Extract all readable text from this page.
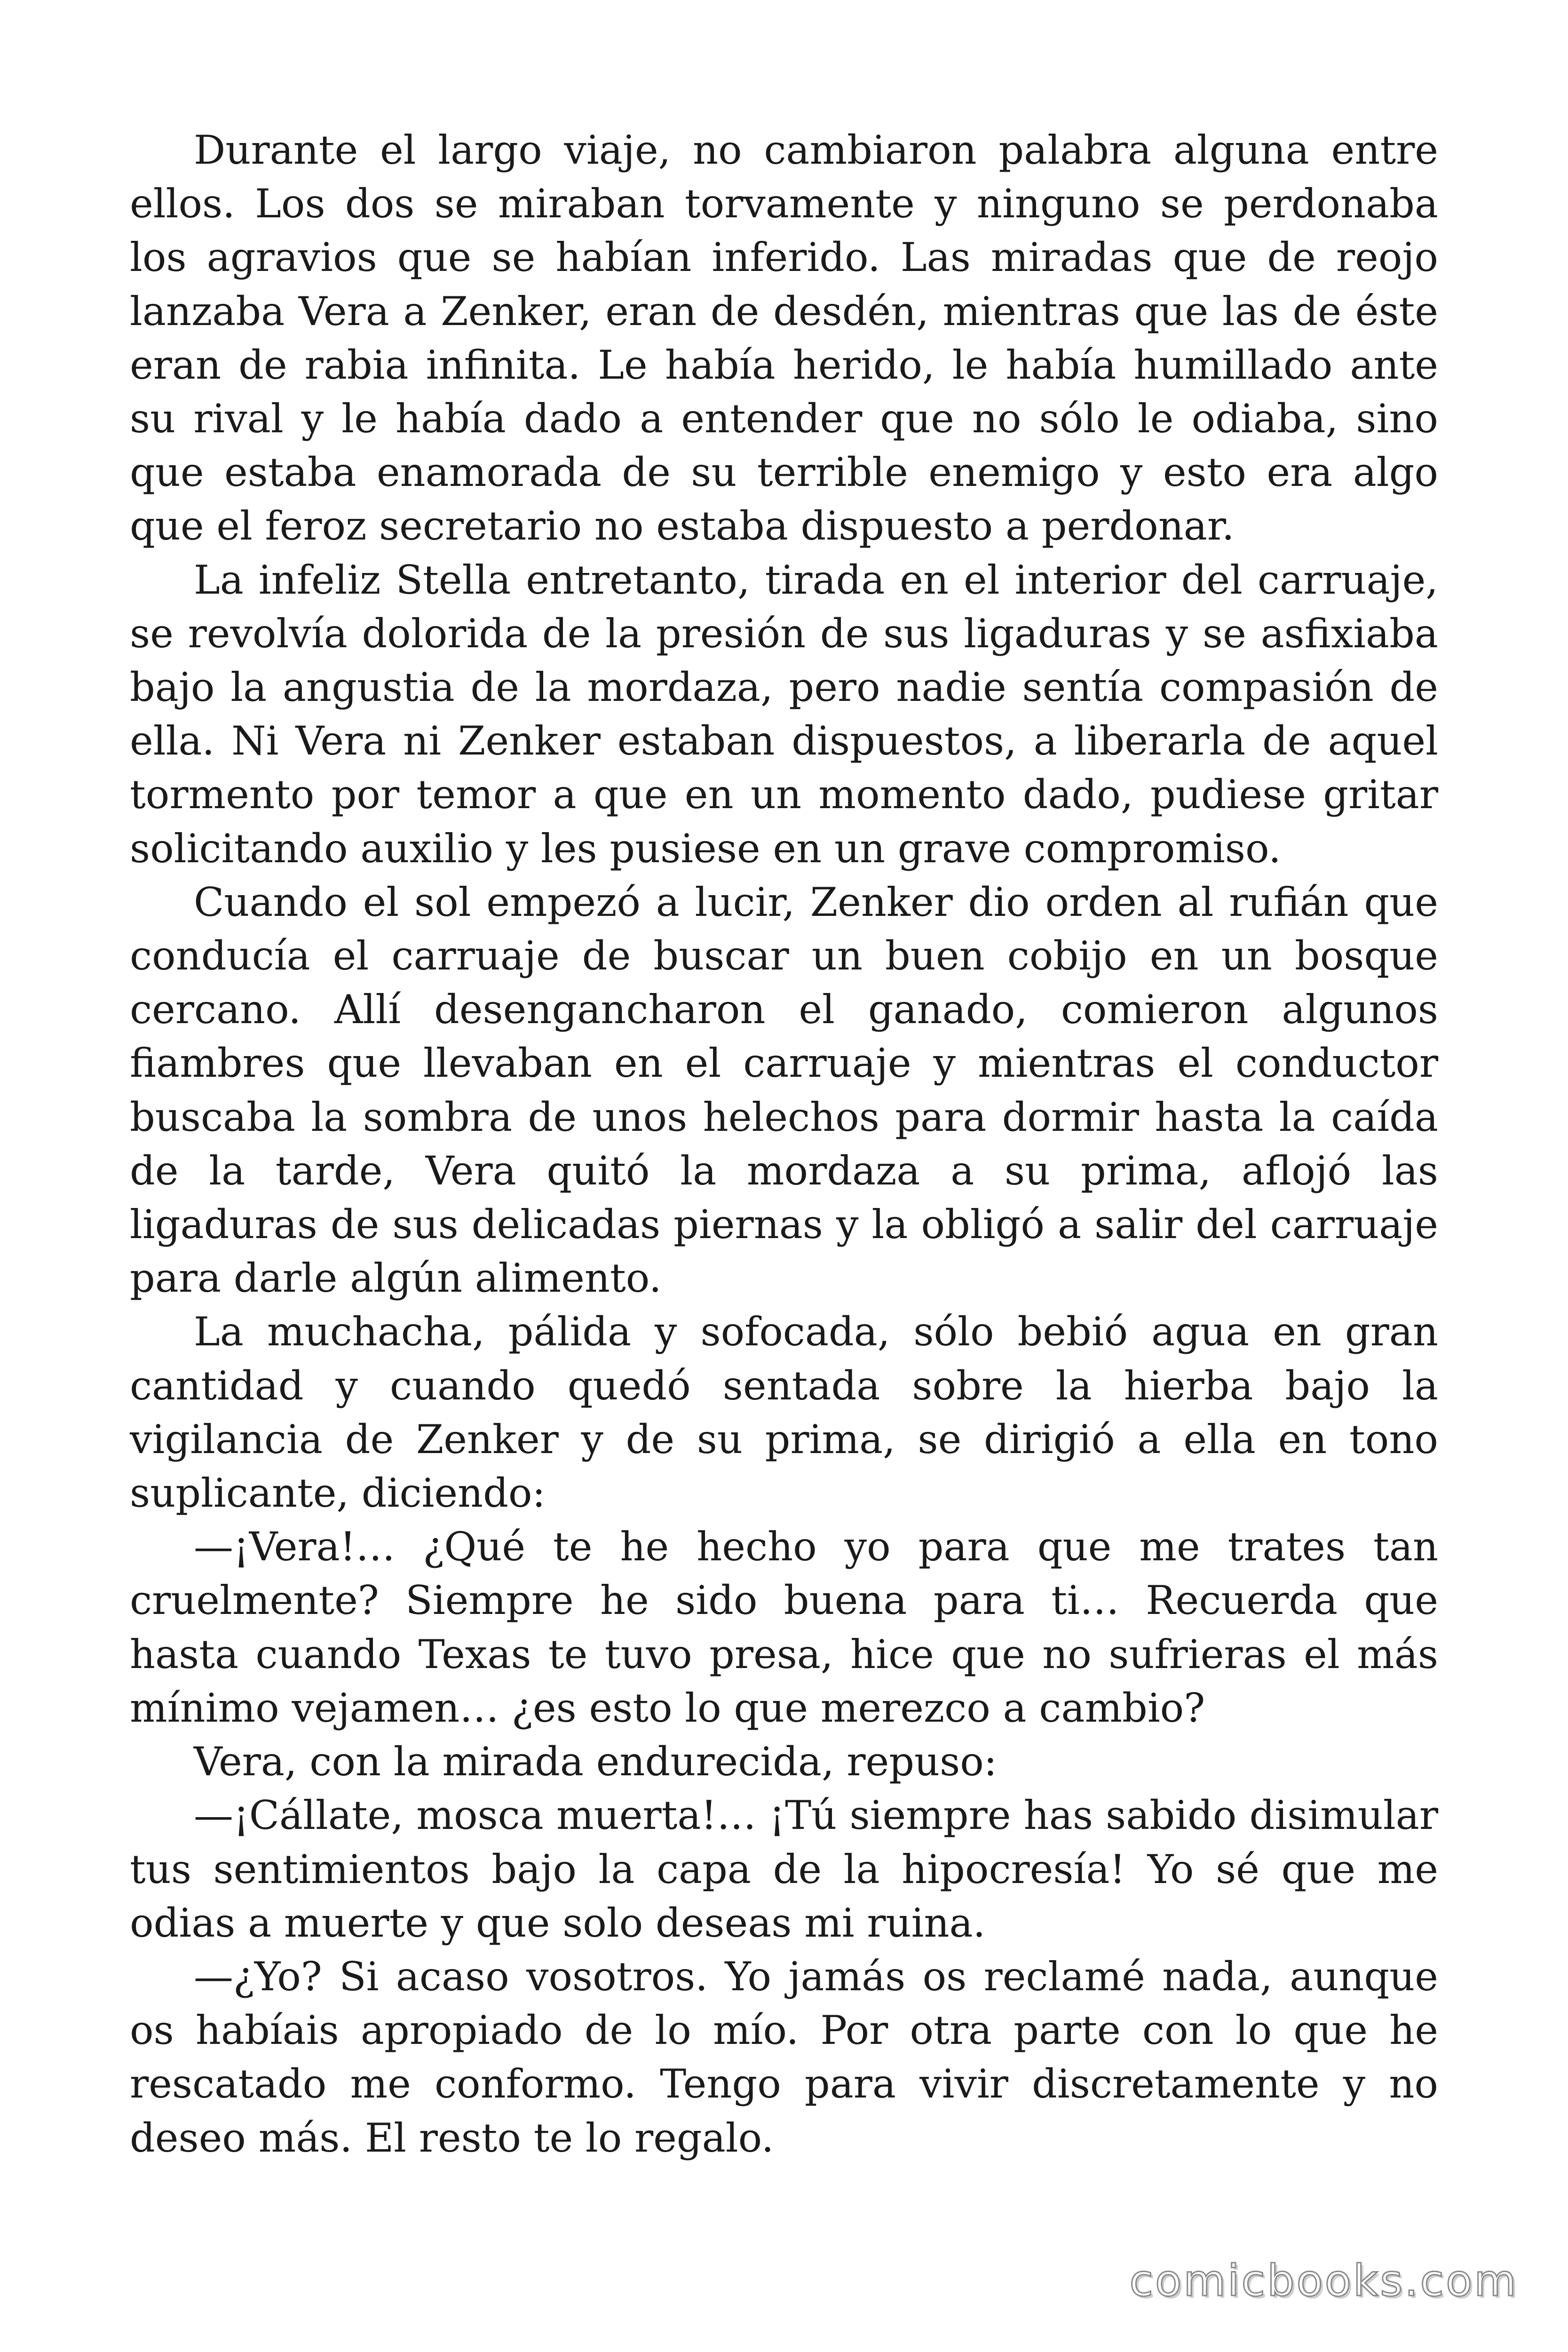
Durante el largo viaje, no cambiaron palabra alguna entre ellos. Los dos se miraban torvamente y ninguno se perdonaba los agravios que se habían inferido. Las miradas que de reojo lanzaba Vera a Zenker, eran de desdén, mientras que las de éste eran de rabia infinita. Le había herido, le había humillado ante su rival y le había dado a entender que no sólo le odiaba, sino que estaba enamorada de su terrible enemigo y esto era algo que el feroz secretario no estaba dispuesto a perdonar.

La infeliz Stella entretanto, tirada en el interior del carruaje, se revolvía dolorida de la presión de sus ligaduras y se asfixiaba bajo la angustia de la mordaza, pero nadie sentía compasión de ella. Ni Vera ni Zenker estaban dispuestos, a liberarla de aquel tormento por temor a que en un momento dado, pudiese gritar solicitando auxilio y les pusiese en un grave compromiso.

Cuando el sol empezó a lucir, Zenker dio orden al rufián que conducía el carruaje de buscar un buen cobijo en un bosque cercano. Allí desengancharon el ganado, comieron algunos fiambres que llevaban en el carruaje y mientras el conductor buscaba la sombra de unos helechos para dormir hasta la caída de la tarde, Vera quitó la mordaza a su prima, aflojó las ligaduras de sus delicadas piernas y la obligó a salir del carruaje para darle algún alimento.

La muchacha, pálida y sofocada, sólo bebió agua en gran cantidad y cuando quedó sentada sobre la hierba bajo la vigilancia de Zenker y de su prima, se dirigió a ella en tono suplicante, diciendo:

—¡Vera!… ¿Qué te he hecho yo para que me trates tan cruelmente? Siempre he sido buena para ti… Recuerda que hasta cuando Texas te tuvo presa, hice que no sufrieras el más mínimo vejamen… ¿es esto lo que merezco a cambio?

Vera, con la mirada endurecida, repuso:

—¡Cállate, mosca muerta!… ¡Tú siempre has sabido disimular tus sentimientos bajo la capa de la hipocresía! Yo sé que me odias a muerte y que solo deseas mi ruina.

—¿Yo? Si acaso vosotros. Yo jamás os reclamé nada, aunque os habíais apropiado de lo mío. Por otra parte con lo que he rescatado me conformo. Tengo para vivir discretamente y no deseo más. El resto te lo regalo.

comicbooks.com
